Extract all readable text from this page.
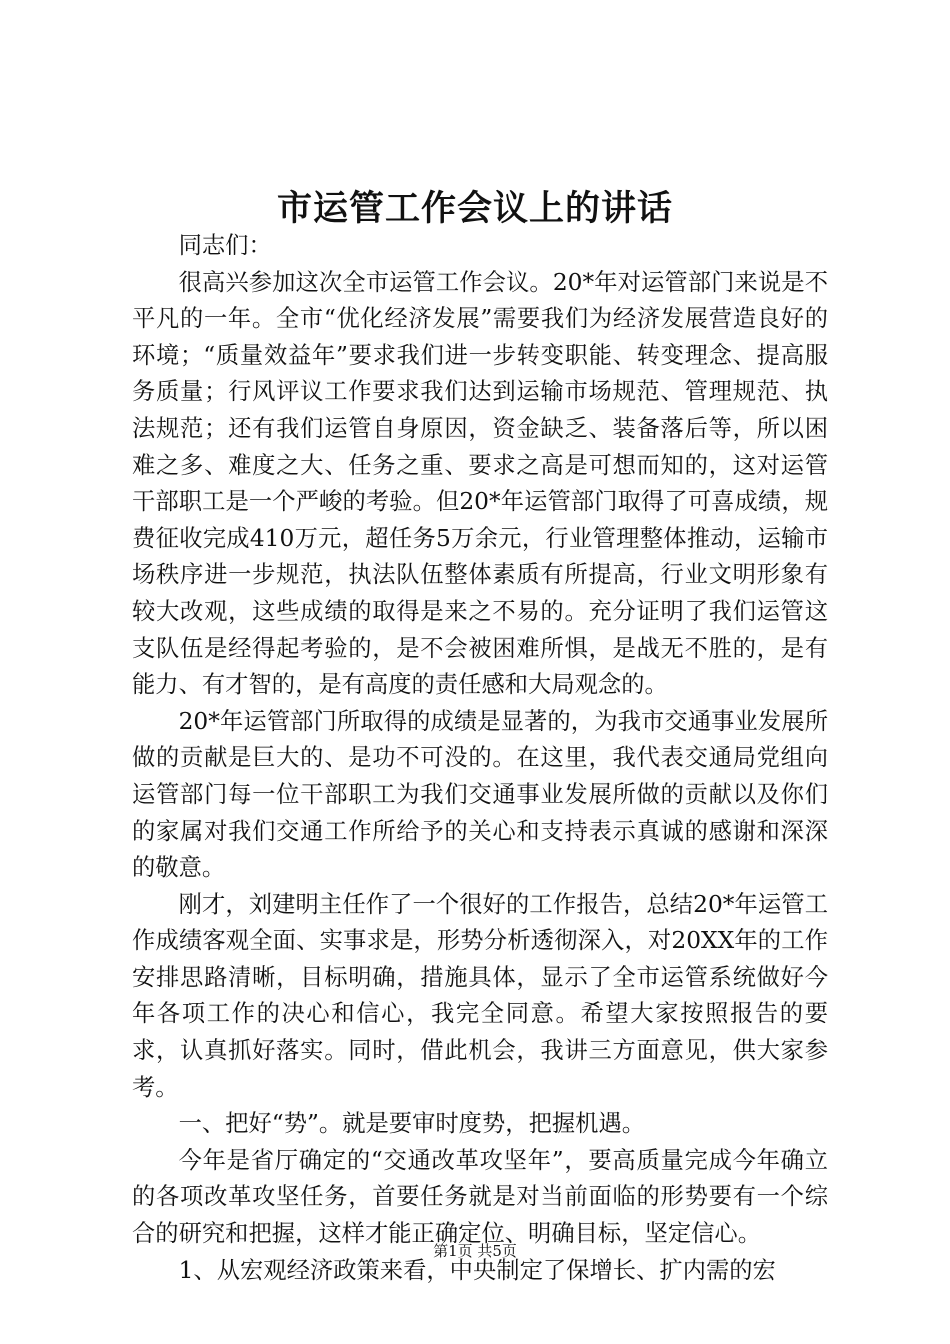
市运管工作会议上的讲话

同志们：

很高兴参加这次全市运管工作会议。20*年对运管部门来说是不平凡的一年。全市“优化经济发展”需要我们为经济发展营造良好的环境；“质量效益年”要求我们进一步转变职能、转变理念、提高服务质量；行风评议工作要求我们达到运输市场规范、管理规范、执法规范；还有我们运管自身原因，资金缺乏、装备落后等，所以困难之多、难度之大、任务之重、要求之高是可想而知的，这对运管干部职工是一个严峻的考验。但20*年运管部门取得了可喜成绩，规费征收完成410万元，超任务5万余元，行业管理整体推动，运输市场秩序进一步规范，执法队伍整体素质有所提高，行业文明形象有较大改观，这些成绩的取得是来之不易的。充分证明了我们运管这支队伍是经得起考验的，是不会被困难所惧，是战无不胜的，是有能力、有才智的，是有高度的责任感和大局观念的。

20*年运管部门所取得的成绩是显著的，为我市交通事业发展所做的贡献是巨大的、是功不可没的。在这里，我代表交通局党组向运管部门每一位干部职工为我们交通事业发展所做的贡献以及你们的家属对我们交通工作所给予的关心和支持表示真诚的感谢和深深的敬意。

刚才，刘建明主任作了一个很好的工作报告，总结20*年运管工作成绩客观全面、实事求是，形势分析透彻深入，对20XX年的工作安排思路清晰，目标明确，措施具体，显示了全市运管系统做好今年各项工作的决心和信心，我完全同意。希望大家按照报告的要求，认真抓好落实。同时，借此机会，我讲三方面意见，供大家参考。

一、把好“势”。就是要审时度势，把握机遇。

今年是省厅确定的“交通改革攻坚年”，要高质量完成今年确立的各项改革攻坚任务，首要任务就是对当前面临的形势要有一个综合的研究和把握，这样才能正确定位、明确目标，坚定信心。

1、从宏观经济政策来看，中央制定了保增长、扩内需的宏

第1页 共5页
